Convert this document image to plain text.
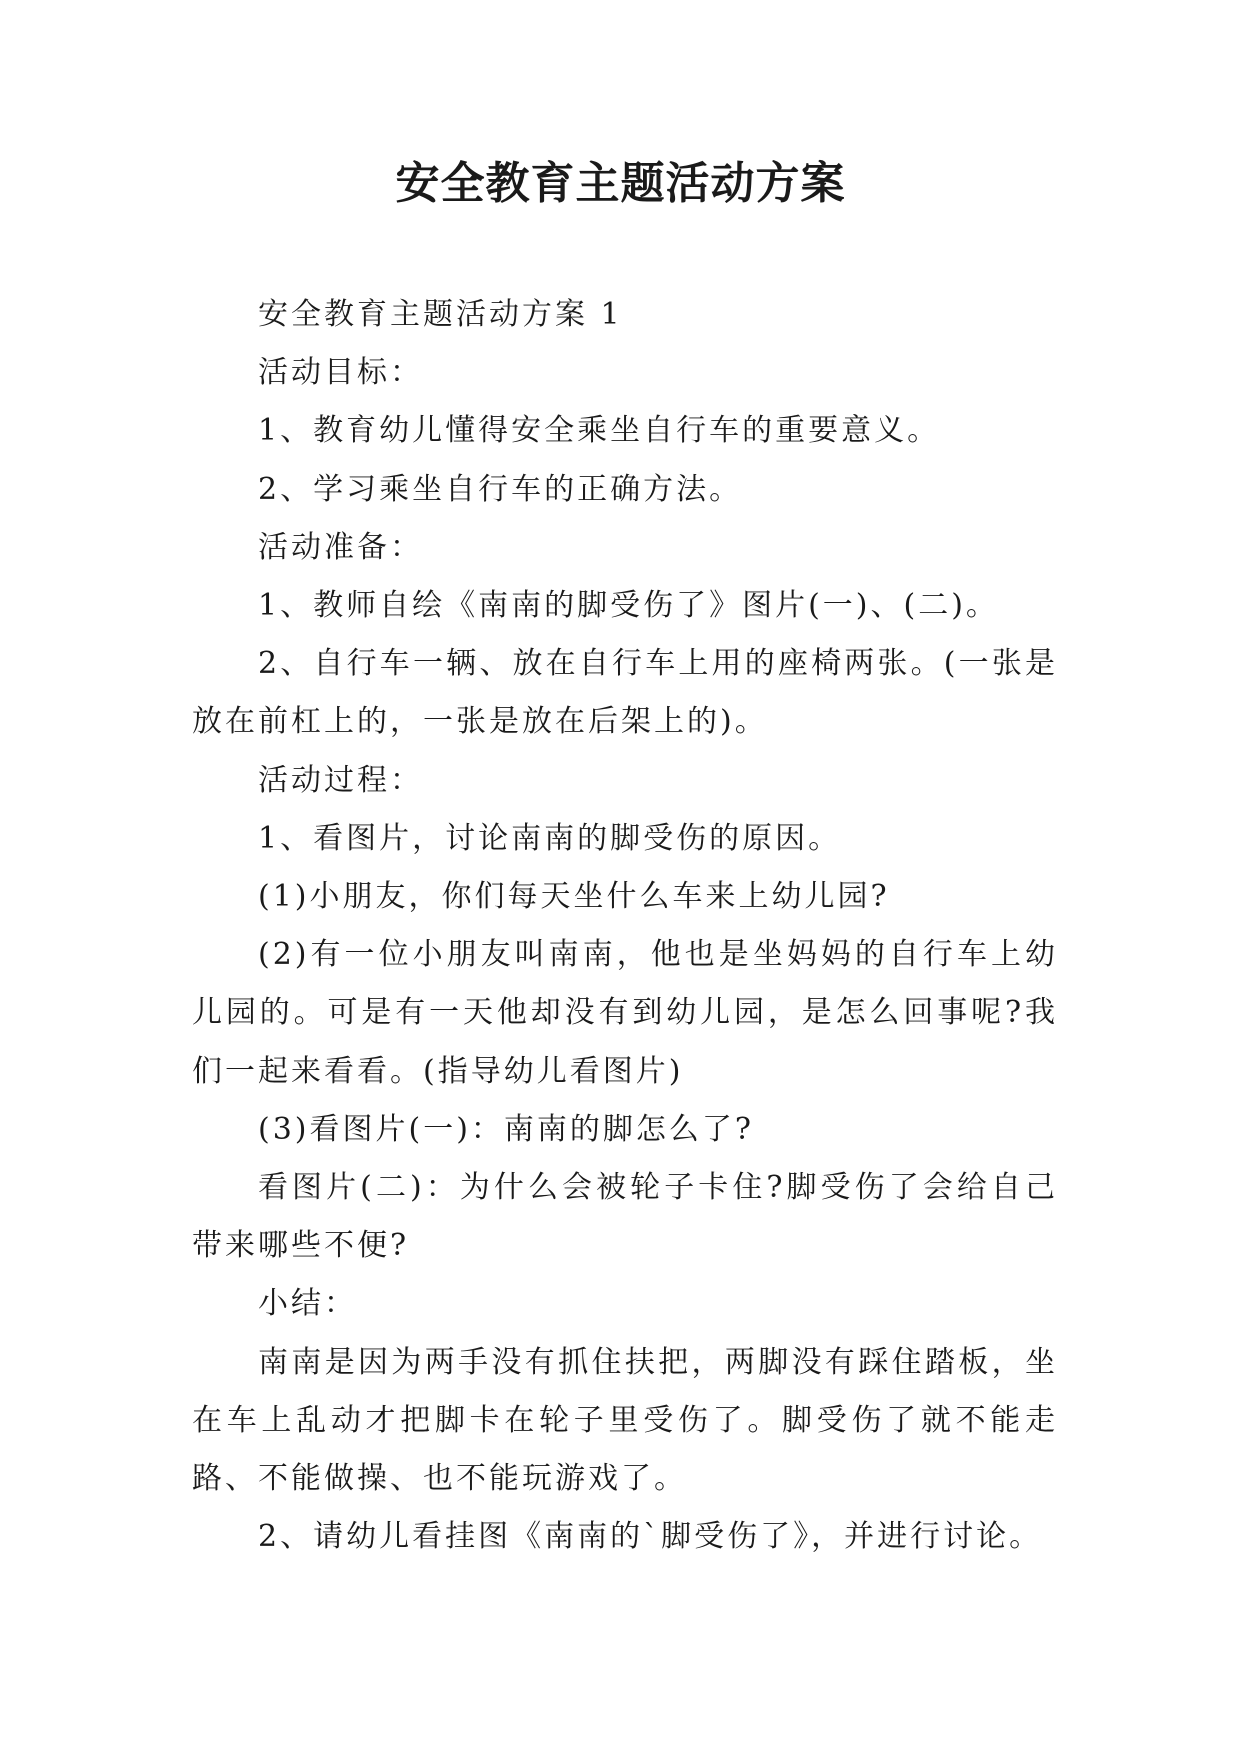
安全教育主题活动方案

安全教育主题活动方案 1

活动目标：

1、教育幼儿懂得安全乘坐自行车的重要意义。

2、学习乘坐自行车的正确方法。

活动准备：

1、教师自绘《南南的脚受伤了》图片(一)、(二)。

2、自行车一辆、放在自行车上用的座椅两张。(一张是放在前杠上的，一张是放在后架上的)。

活动过程：

1、看图片，讨论南南的脚受伤的原因。

(1)小朋友，你们每天坐什么车来上幼儿园?

(2)有一位小朋友叫南南，他也是坐妈妈的自行车上幼儿园的。可是有一天他却没有到幼儿园，是怎么回事呢?我们一起来看看。(指导幼儿看图片)

(3)看图片(一)：南南的脚怎么了?

看图片(二)：为什么会被轮子卡住?脚受伤了会给自己带来哪些不便?

小结：

南南是因为两手没有抓住扶把，两脚没有踩住踏板，坐在车上乱动才把脚卡在轮子里受伤了。脚受伤了就不能走路、不能做操、也不能玩游戏了。

2、请幼儿看挂图《南南的`脚受伤了》，并进行讨论。
